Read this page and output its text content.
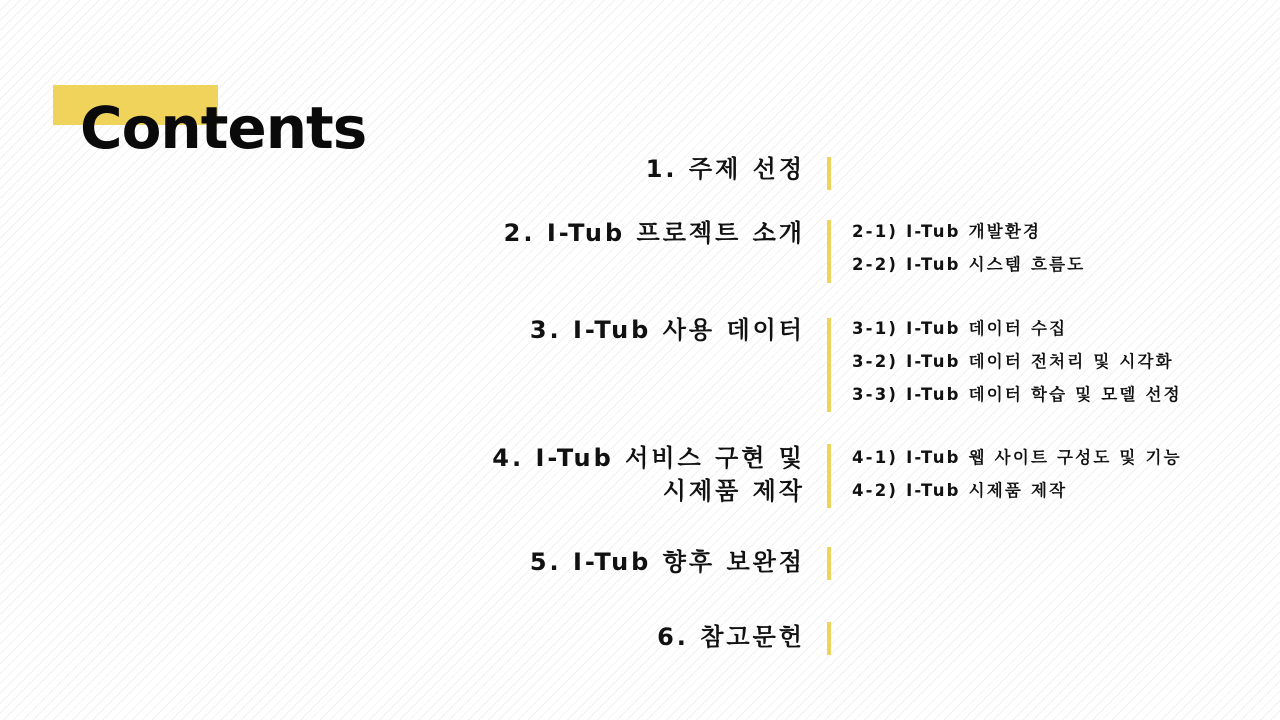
Contents
1. 주제 선정
2. I-Tub 프로젝트 소개	2-1) I-Tub 개발환경
2-2) I-Tub 시스템 흐름도
3. I-Tub 사용 데이터	3-1) I-Tub 데이터 수집
3-2) I-Tub 데이터 전처리 및 시각화
3-3) I-Tub 데이터 학습 및 모델 선정
4. I-Tub 서비스 구현 및
시제품 제작
4-1) I-Tub 웹 사이트 구성도 및 기능
4-2) I-Tub 시제품 제작
5. I-Tub 향후 보완점
6. 참고문헌
